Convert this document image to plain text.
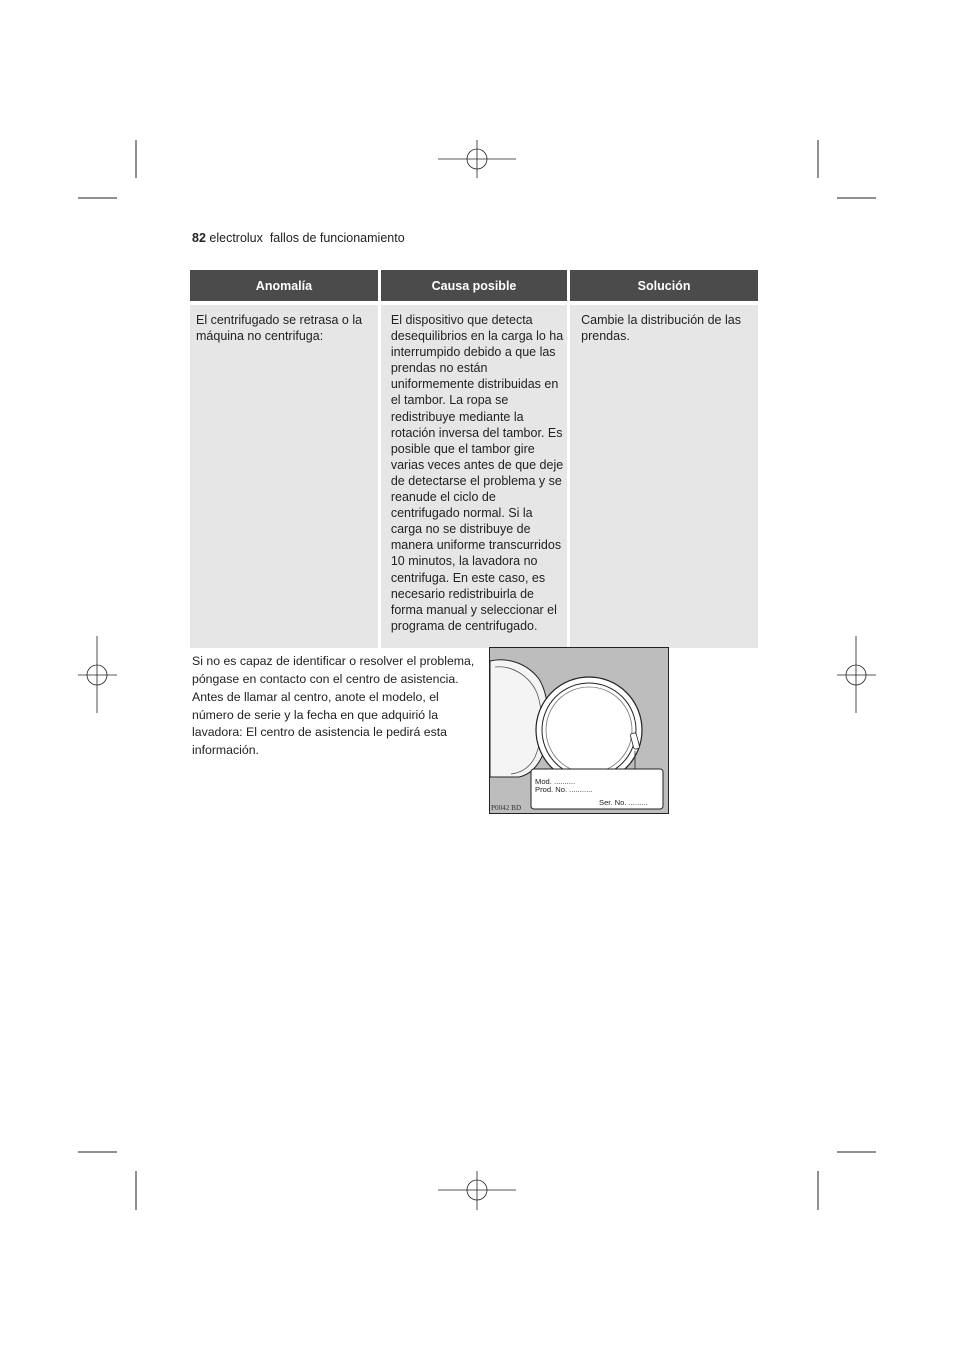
82 electrolux  fallos de funcionamiento
Anomalía	Causa posible	Solución

El centrifugado se retrasa o la máquina no centrifuga:	El dispositivo que detecta desequilibrios en la carga lo ha interrumpido debido a que las prendas no están uniformemente distribuidas en el tambor. La ropa se redistribuye mediante la rotación inversa del tambor. Es posible que el tambor gire varias veces antes de que deje de detectarse el problema y se reanude el ciclo de centrifugado normal. Si la carga no se distribuye de manera uniforme transcurridos 10 minutos, la lavadora no centrifuga. En este caso, es necesario redistribuirla de forma manual y seleccionar el programa de centrifugado.	Cambie la distribución de las prendas.

Si no es capaz de identificar o resolver el problema, póngase en contacto con el centro de asistencia. Antes de llamar al centro, anote el modelo, el número de serie y la fecha en que adquirió la lavadora: El centro de asistencia le pedirá esta información.

Mod. ..........
Prod. No. ...........
Ser. No. .........
P0042 BD
